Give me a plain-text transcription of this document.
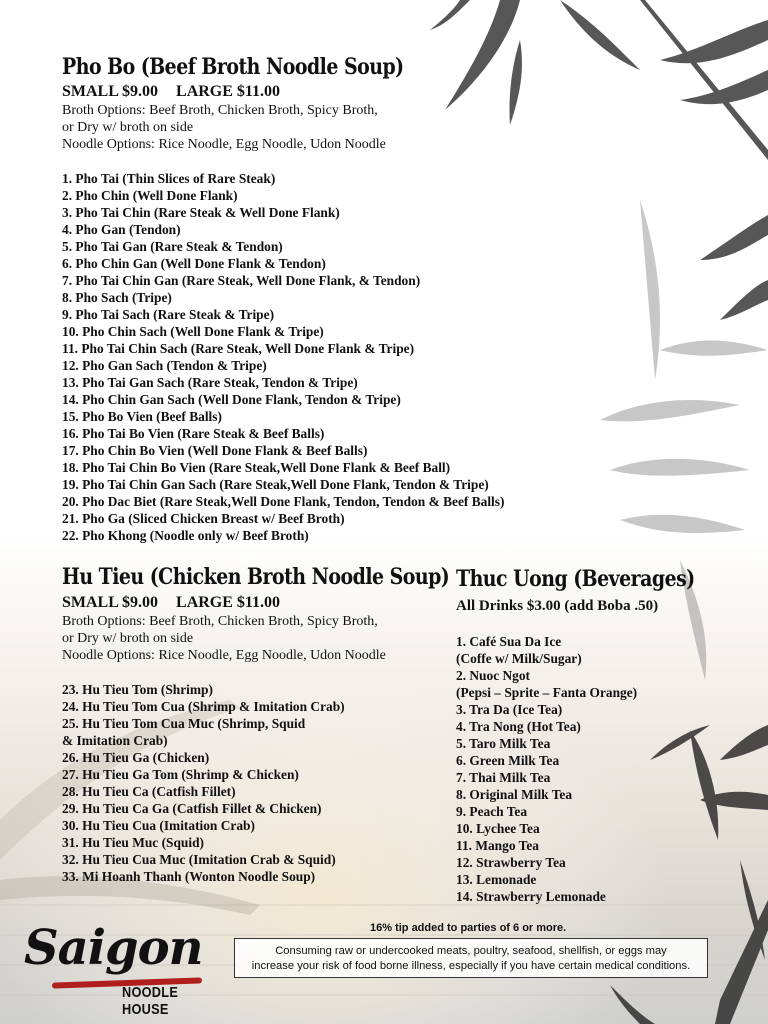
Pho Bo (Beef Broth Noodle Soup)
SMALL $9.00 LARGE $11.00
Broth Options: Beef Broth, Chicken Broth, Spicy Broth,
or Dry w/ broth on side
Noodle Options: Rice Noodle, Egg Noodle, Udon Noodle
1. Pho Tai (Thin Slices of Rare Steak)
2. Pho Chin (Well Done Flank)
3. Pho Tai Chin (Rare Steak & Well Done Flank)
4. Pho Gan (Tendon)
5. Pho Tai Gan (Rare Steak & Tendon)
6. Pho Chin Gan (Well Done Flank & Tendon)
7. Pho Tai Chin Gan (Rare Steak, Well Done Flank, & Tendon)
8. Pho Sach (Tripe)
9. Pho Tai Sach (Rare Steak & Tripe)
10. Pho Chin Sach (Well Done Flank & Tripe)
11. Pho Tai Chin Sach (Rare Steak, Well Done Flank & Tripe)
12. Pho Gan Sach (Tendon & Tripe)
13. Pho Tai Gan Sach (Rare Steak, Tendon & Tripe)
14. Pho Chin Gan Sach (Well Done Flank, Tendon & Tripe)
15. Pho Bo Vien (Beef Balls)
16. Pho Tai Bo Vien (Rare Steak & Beef Balls)
17. Pho Chin Bo Vien (Well Done Flank & Beef Balls)
18. Pho Tai Chin Bo Vien (Rare Steak,Well Done Flank & Beef Ball)
19. Pho Tai Chin Gan Sach (Rare Steak,Well Done Flank, Tendon & Tripe)
20. Pho Dac Biet (Rare Steak,Well Done Flank, Tendon, Tendon & Beef Balls)
21. Pho Ga (Sliced Chicken Breast w/ Beef Broth)
22. Pho Khong (Noodle only w/ Beef Broth)
Hu Tieu (Chicken Broth Noodle Soup)
SMALL $9.00 LARGE $11.00
Broth Options: Beef Broth, Chicken Broth, Spicy Broth,
or Dry w/ broth on side
Noodle Options: Rice Noodle, Egg Noodle, Udon Noodle
23. Hu Tieu Tom (Shrimp)
24. Hu Tieu Tom Cua (Shrimp & Imitation Crab)
25. Hu Tieu Tom Cua Muc (Shrimp, Squid
& Imitation Crab)
26. Hu Tieu Ga (Chicken)
27. Hu Tieu Ga Tom (Shrimp & Chicken)
28. Hu Tieu Ca (Catfish Fillet)
29. Hu Tieu Ca Ga (Catfish Fillet & Chicken)
30. Hu Tieu Cua (Imitation Crab)
31. Hu Tieu Muc (Squid)
32. Hu Tieu Cua Muc (Imitation Crab & Squid)
33. Mi Hoanh Thanh (Wonton Noodle Soup)
Thuc Uong (Beverages)
All Drinks $3.00 (add Boba .50)
1. Café Sua Da Ice
(Coffe w/ Milk/Sugar)
2. Nuoc Ngot
(Pepsi – Sprite – Fanta Orange)
3. Tra Da (Ice Tea)
4. Tra Nong (Hot Tea)
5. Taro Milk Tea
6. Green Milk Tea
7. Thai Milk Tea
8. Original Milk Tea
9. Peach Tea
10. Lychee Tea
11. Mango Tea
12. Strawberry Tea
13. Lemonade
14. Strawberry Lemonade
16% tip added to parties of 6 or more.
Consuming raw or undercooked meats, poultry, seafood, shellfish, or eggs may
increase your risk of food borne illness, especially if you have certain medical conditions.
Saigon
NOODLE HOUSE
